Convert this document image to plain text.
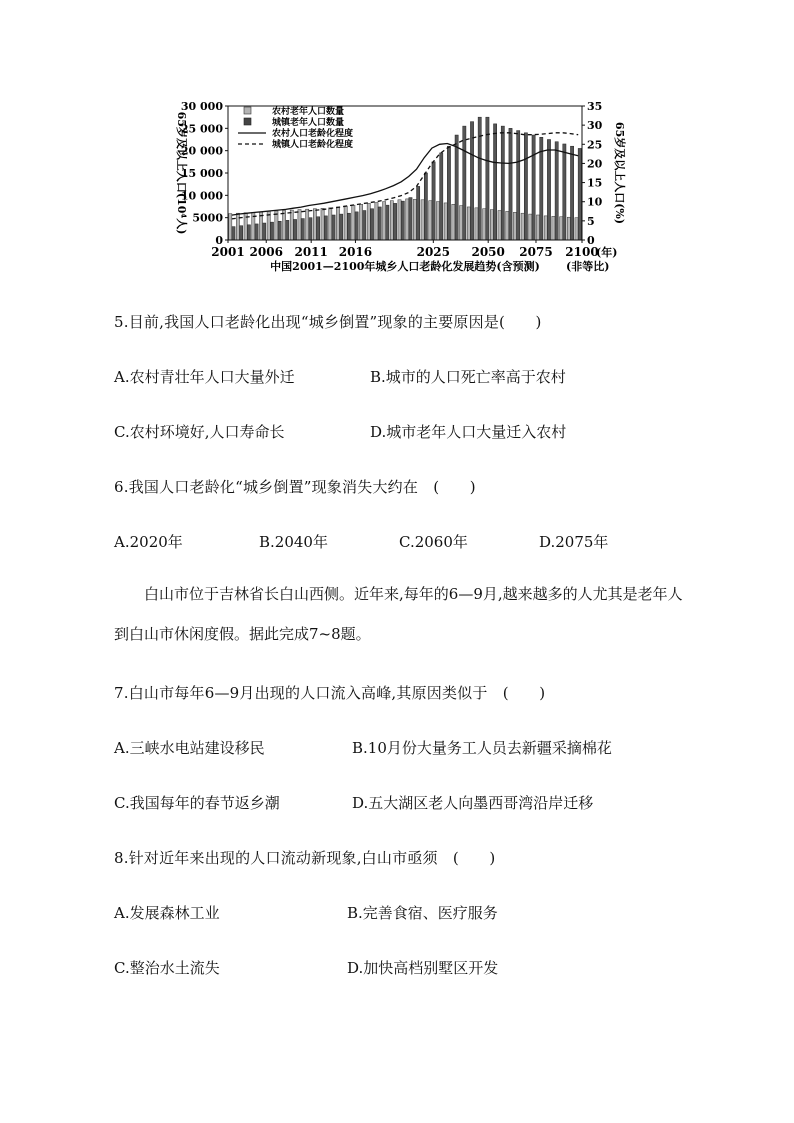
0
5000
10 000
15 000
20 000
25 000
30 000
0
5
10
15
20
25
30
35
2001 2006 2011 2016	2025 2050 2075 2100
农村老年人口数量
城镇老年人口数量
农村人口老龄化程度
城镇人口老龄化程度
(年)
(非等比)
中国2001—2100年城乡人口老龄化发展趋势(含预测)
65岁及以上人口(10⁴人)	65岁及以上人口(%)
5.目前,我国人口老龄化出现“城乡倒置”现象的主要原因是(　　)
A.农村青壮年人口大量外迁	B.城市的人口死亡率高于农村
C.农村环境好,人口寿命长	D.城市老年人口大量迁入农村
6.我国人口老龄化“城乡倒置”现象消失大约在　(　　)
A.2020年	B.2040年	C.2060年	D.2075年
白山市位于吉林省长白山西侧。近年来,每年的6—9月,越来越多的人尤其是老年人到白山市休闲度假。据此完成7~8题。
7.白山市每年6—9月出现的人口流入高峰,其原因类似于　(　　)
A.三峡水电站建设移民	B.10月份大量务工人员去新疆采摘棉花
C.我国每年的春节返乡潮	D.五大湖区老人向墨西哥湾沿岸迁移
8.针对近年来出现的人口流动新现象,白山市亟须　(　　)
A.发展森林工业	B.完善食宿、医疗服务
C.整治水土流失	D.加快高档别墅区开发
